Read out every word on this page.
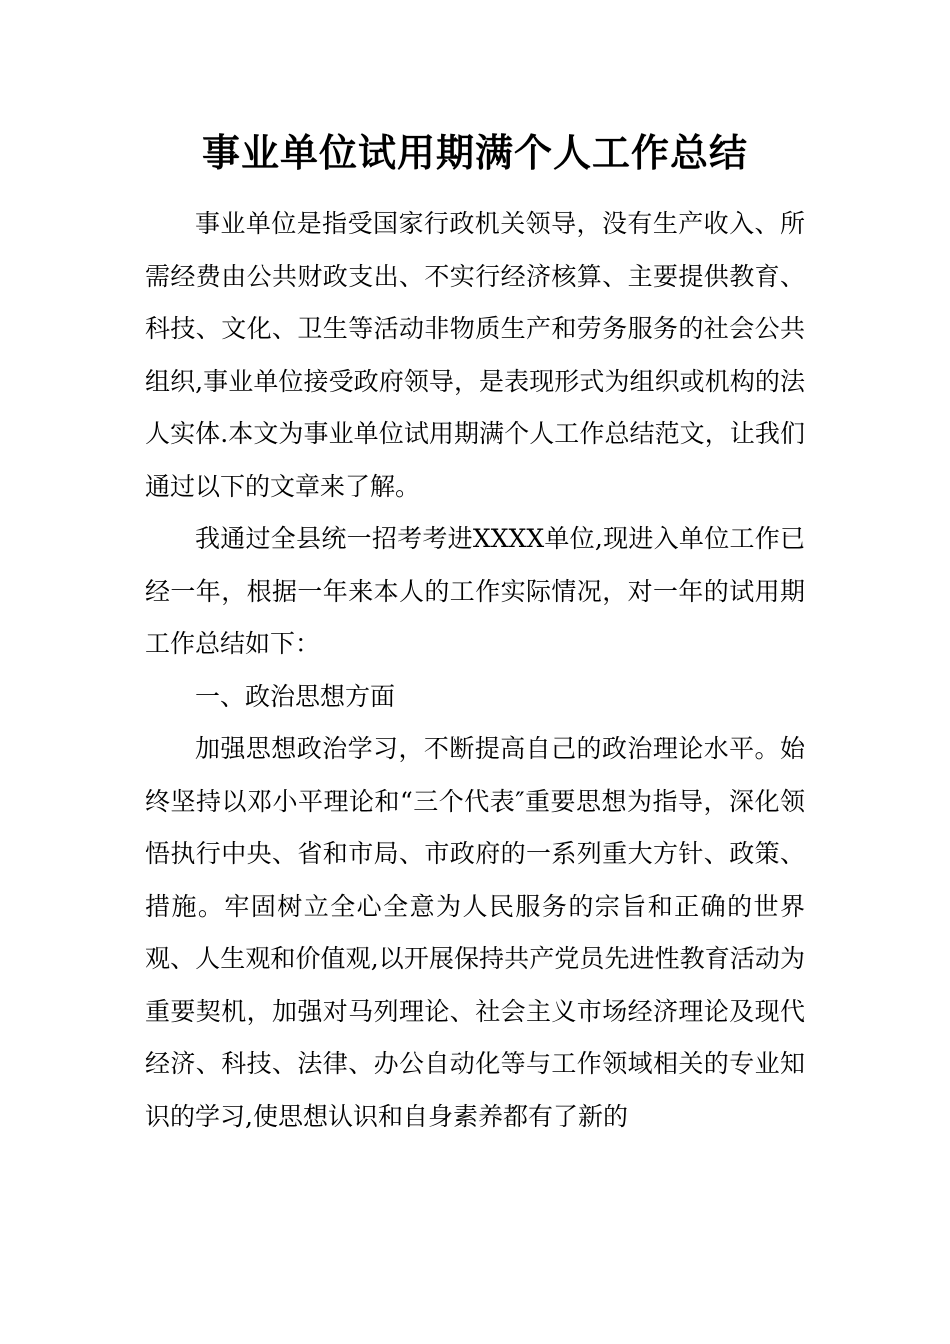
事业单位试用期满个人工作总结

事业单位是指受国家行政机关领导，没有生产收入、所需经费由公共财政支出、不实行经济核算、主要提供教育、科技、文化、卫生等活动非物质生产和劳务服务的社会公共组织,事业单位接受政府领导，是表现形式为组织或机构的法人实体.本文为事业单位试用期满个人工作总结范文，让我们通过以下的文章来了解。

我通过全县统一招考考进XXXX单位,现进入单位工作已经一年，根据一年来本人的工作实际情况，对一年的试用期工作总结如下：

一、政治思想方面

加强思想政治学习，不断提高自己的政治理论水平。始终坚持以邓小平理论和“三个代表″重要思想为指导，深化领悟执行中央、省和市局、市政府的一系列重大方针、政策、措施。牢固树立全心全意为人民服务的宗旨和正确的世界观、人生观和价值观,以开展保持共产党员先进性教育活动为重要契机，加强对马列理论、社会主义市场经济理论及现代经济、科技、法律、办公自动化等与工作领域相关的专业知识的学习,使思想认识和自身素养都有了新的
